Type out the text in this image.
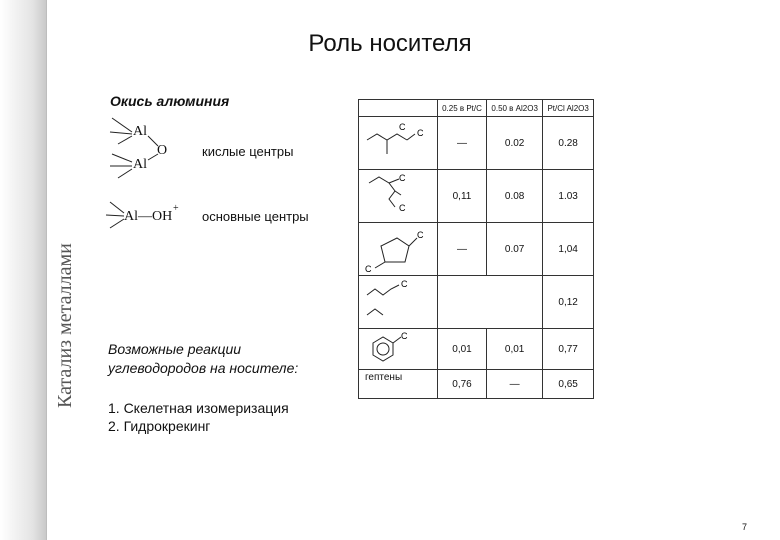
Катализ металлами
Роль носителя
Окись алюминия
Al
O
Al
кислые центры
Al—OH
+
основные центры
Возможные реакции
углеводородов на носителе:
1. Скелетная изомеризация
2. Гидрокрекинг
	0.25 в Pt/C	0.50 в Al2O3	Pt/Cl Al2O3

C
C	—	0.02	0.28

C
C	0,11	0.08	1.03

C
C	—	0.07	1,04

C			0,12

C	0,01	0,01	0,77

гептены	0,76	—	0,65
7
